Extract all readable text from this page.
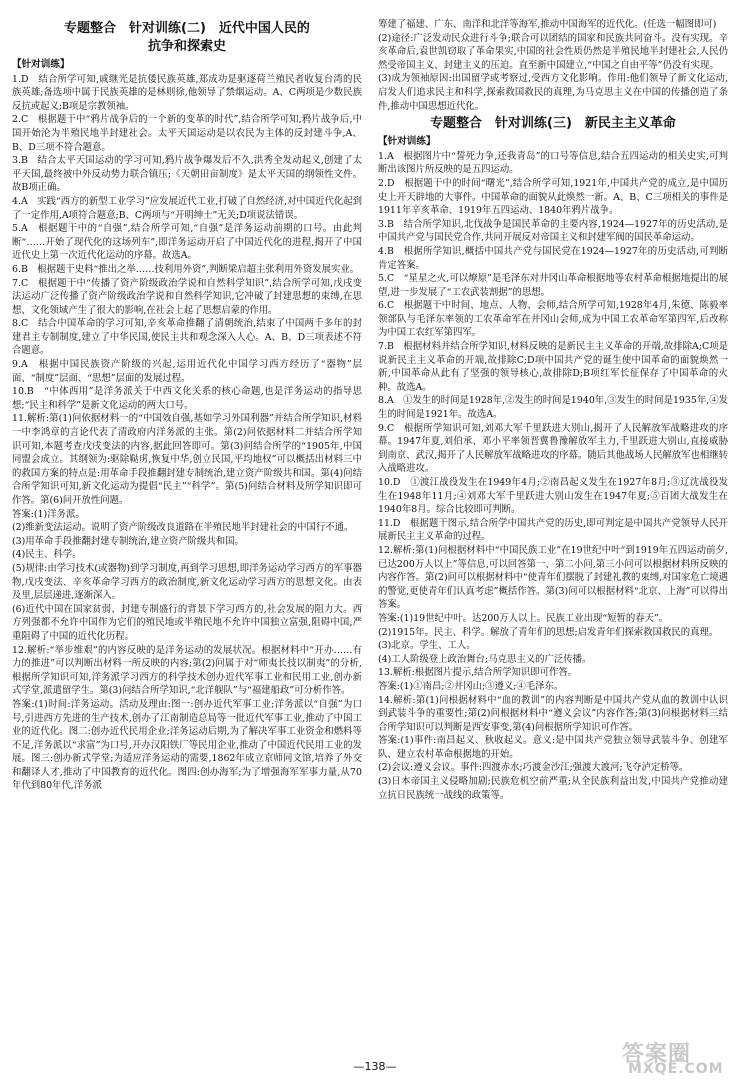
专题整合　针对训练(二)　近代中国人民的
抗争和探索史
【针对训练】

1.D　结合所学可知,戚继光是抗倭民族英雄,郑成功是驱逐荷兰殖民者收复台湾的民族英雄;备选项中属于民族英雄的是林则徐,他领导了禁烟运动。A、C两项是少数民族反抗或起义;B项是宗教领袖。

2.C　根据题干中“鸦片战争后的一个新的变革的时代”,结合所学可知,鸦片战争后,中国开始沦为半殖民地半封建社会。太平天国运动是以农民为主体的反封建斗争,A、B、D三项不符合题意。

3.B　结合太平天国运动的学习可知,鸦片战争爆发后不久,洪秀全发动起义,创建了太平天国,最终被中外反动势力联合镇压;《天朝田亩制度》是太平天国的纲领性文件。故B项正确。

4.A　实践“西方的新型工业学习”应发展近代工业,打破了自然经济,对中国近代化起到了一定作用,A项符合题意;B、C两项与“开明绅士”无关;D项说法错误。

5.A　根据题干中的“自强”,结合所学可知,“自强”是洋务运动前期的口号。由此判断“……开始了现代化的这场列车”,即洋务运动开启了中国近代化的进程,揭开了中国近代史上第一次近代化运动的序幕。故选A。

6.B　根据题干史料“推出之举……技利用外资”,判断梁启超主张利用外资发展实业。

7.C　根据题干中“传播了资产阶级政治学说和自然科学知识”,结合所学可知,戊戌变法运动广泛传播了资产阶级政治学说和自然科学知识,它冲破了封建思想的束缚,在思想、文化领域产生了很大的影响,在社会上起了思想启蒙的作用。

8.C　结合中国革命的学习可知,辛亥革命推翻了清朝统治,结束了中国两千多年的封建君主专制制度,建立了中华民国,使民主共和观念深入人心。A、B、D三项表述不符合题意。

9.A　根据中国民族资产阶级的兴起,运用近代化中国学习西方经历了“器物”层面、“制度”层面、“思想”层面的发展过程。

10.B　“中体西用”是洋务派关于中西文化关系的核心命题,也是洋务运动的指导思想;“民主和科学”是新文化运动的两大口号。

11.解析:第(1)问依据材料一的“中国效自强,基如学习外国利器”并结合所学知识,材料一中李鸿章的言论代表了清政府内洋务派的主张。第(2)问依据材料二并结合所学知识可知,本题考查戊戌变法的内容,据此回答即可。第(3)问结合所学的“1905年,中国同盟会成立。其纲领为:驱除鞑虏,恢复中华,创立民国,平均地权”可以概括出材料三中的救国方案的特点是:用革命手段推翻封建专制统治,建立资产阶级共和国。第(4)问结合所学知识可知,新文化运动为提倡“民主”“科学”。第(5)问结合材料及所学知识即可作答。第(6)问开放性问题。

答案:(1)洋务派。

(2)维新变法运动。说明了资产阶级改良道路在半殖民地半封建社会的中国行不通。

(3)用革命手段推翻封建专制统治,建立资产阶级共和国。

(4)民主、科学。

(5)规律:由学习技术(或器物)到学习制度,再到学习思想,即洋务运动学习西方的军事器物,戊戌变法、辛亥革命学习西方的政治制度,新文化运动学习西方的思想文化。由表及里,层层递进,逐渐深入。

(6)近代中国在国家贫弱、封建专制盛行的背景下学习西方的,社会发展的阻力大。西方列强都不允许中国作为它们的殖民地或半殖民地不允许中国独立富强,阻碍中国,严重阻碍了中国的近代化历程。

12.解析:“举步维艰”的内容反映的是洋务运动的发展状况。根据材料中“开办……有力的推进”可以判断出材料一所反映的内容;第(2)问属于对“师夷长技以制夷”的分析,根据所学知识可知,洋务派学习西方的科学技术创办近代军事工业和民用工业,创办新式学堂,派遣留学生。第(3)问结合所学知识,“北洋舰队”与“福建船政”可分析作答。

答案:(1)时间:洋务运动。活动及理由:图一:创办近代军事工业;洋务派以“自强”为口号,引进西方先进的生产技术,创办了江南制造总局等一批近代军事工业,推动了中国工业的近代化。图二:创办近代民用企业;洋务运动后期,为了解决军事工业资金和燃料等不足,洋务派以“求富”为口号,开办汉阳铁厂等民用企业,推动了中国近代民用工业的发展。图三:创办新式学堂;为适应洋务运动的需要,1862年成立京师同文馆,培养了外交和翻译人才,推动了中国教育的近代化。图四:创办海军;为了增强海军军事力量,从70年代到80年代,洋务派

筹建了福建、广东、南洋和北洋等海军,推动中国海军的近代化。(任选一幅图即可)

(2)途径:广泛发动民众进行斗争;联合可以团结的国家和民族共同奋斗。没有实现。辛亥革命后,袁世凯窃取了革命果实,中国的社会性质仍然是半殖民地半封建社会,人民仍然受帝国主义、封建主义的压迫。直至新中国建立,“中国之自由平等”仍没有实现。

(3)成为领袖原因:出国留学或考察过,受西方文化影响。作用:他们领导了新文化运动,启发人们追求民主和科学,探索救国救民的真理,为马克思主义在中国的传播创造了条件,推动中国思想近代化。

专题整合　针对训练(三)　新民主主义革命
【针对训练】

1.A　根据图片中“誓死力争,还我青岛”的口号等信息,结合五四运动的相关史实,可判断出该图片所反映的是五四运动。

2.D　根据题干中的时间“曙光”,结合所学可知,1921年,中国共产党的成立,是中国历史上开天辟地的大事件。中国革命的面貌从此焕然一新。A、B、C三项相关的事件是1911年辛亥革命、1919年五四运动、1840年鸦片战争。

3.B　结合所学知识,北伐战争是国民革命的主要内容,1924—1927年的历史活动,是中国共产党与国民党合作,共同开展反对帝国主义和封建军阀的国民革命运动。

4.B　根据所学知识,概括中国共产党与国民党在1924—1927年的历史活动,可判断肯定答案。

5.C　“星星之火,可以燎原”是毛泽东对井冈山革命根据地等农村革命根据地提出的展望,进一步发展了“工农武装割据”的思想。

6.C　根据题干中时间、地点、人物、会师,结合所学可知,1928年4月,朱德、陈毅率领部队与毛泽东率领的工农革命军在井冈山会师,成为中国工农革命军第四军,后改称为中国工农红军第四军。

7.B　根据材料并结合所学知识,材料反映的是新民主主义革命的开端,故排除A;C项是说新民主主义革命的开端,故排除C;D项中国共产党的诞生使中国革命的面貌焕然一新,中国革命从此有了坚强的领导核心,故排除D;B项红军长征保存了中国革命的火种。故选A。

8.A　①发生的时间是1928年,②发生的时间是1940年,③发生的时间是1935年,④发生的时间是1921年。故选A。

9.C　根据所学知识可知,刘邓大军千里跃进大别山,揭开了人民解放军战略进攻的序幕。1947年夏,刘伯承、邓小平率领晋冀鲁豫解放军主力,千里跃进大别山,直接威胁到南京、武汉,揭开了人民解放军战略进攻的序幕。随后其他战场人民解放军也相继转入战略进攻。

10.D　①渡江战役发生在1949年4月;②南昌起义发生在1927年8月;③辽沈战役发生在1948年11月;④刘邓大军千里跃进大别山发生在1947年夏;⑤百团大战发生在1940年8月。综合比较即可判断。

11.D　根据题干图示,结合所学中国共产党的历史,即可判定是中国共产党领导人民开展新民主主义革命的过程。

12.解析:第(1)问根据材料中“中国民族工业”在19世纪中叶“到1919年五四运动前夕,已达200万人以上”等信息,可以回答第一、第二小问,第三小问可以根据材料所反映的内容作答。第(2)问可以根据材料中“使青年们摆脱了封建礼教的束缚,对国家危亡境遇的警觉,更使青年们认真考虑”概括作答。第(3)问可以根据材料“北京、上海”可以得出答案。

答案:(1)19世纪中叶。达200万人以上。民族工业出现“短暂的春天”。

(2)1915年。民主、科学。解放了青年们的思想;启发青年们探索救国救民的真理。

(3)北京。学生、工人。

(4)工人阶级登上政治舞台;马克思主义的广泛传播。

13.解析:根据图片提示,结合所学知识即可作答。

答案:(1)①南昌;②井冈山;③遵义;④毛泽东。

14.解析:第(1)问根据材料中“血的教训”的内容判断是中国共产党从血的教训中认识到武装斗争的重要性;第(2)问根据材料中“遵义会议”内容作答;第(3)问根据材料三结合所学知识可以判断是西安事变,第(4)问根据所学知识可作答。

答案:(1)事件:南昌起义、秋收起义。意义:是中国共产党独立领导武装斗争、创建军队、建立农村革命根据地的开始。

(2)会议:遵义会议。事件:四渡赤水;巧渡金沙江;强渡大渡河;飞夺泸定桥等。

(3)日本帝国主义侵略加剧;民族危机空前严重;从全民族利益出发,中国共产党推动建立抗日民族统一战线的政策等。

—138—	答案圈
MXQE.COM
